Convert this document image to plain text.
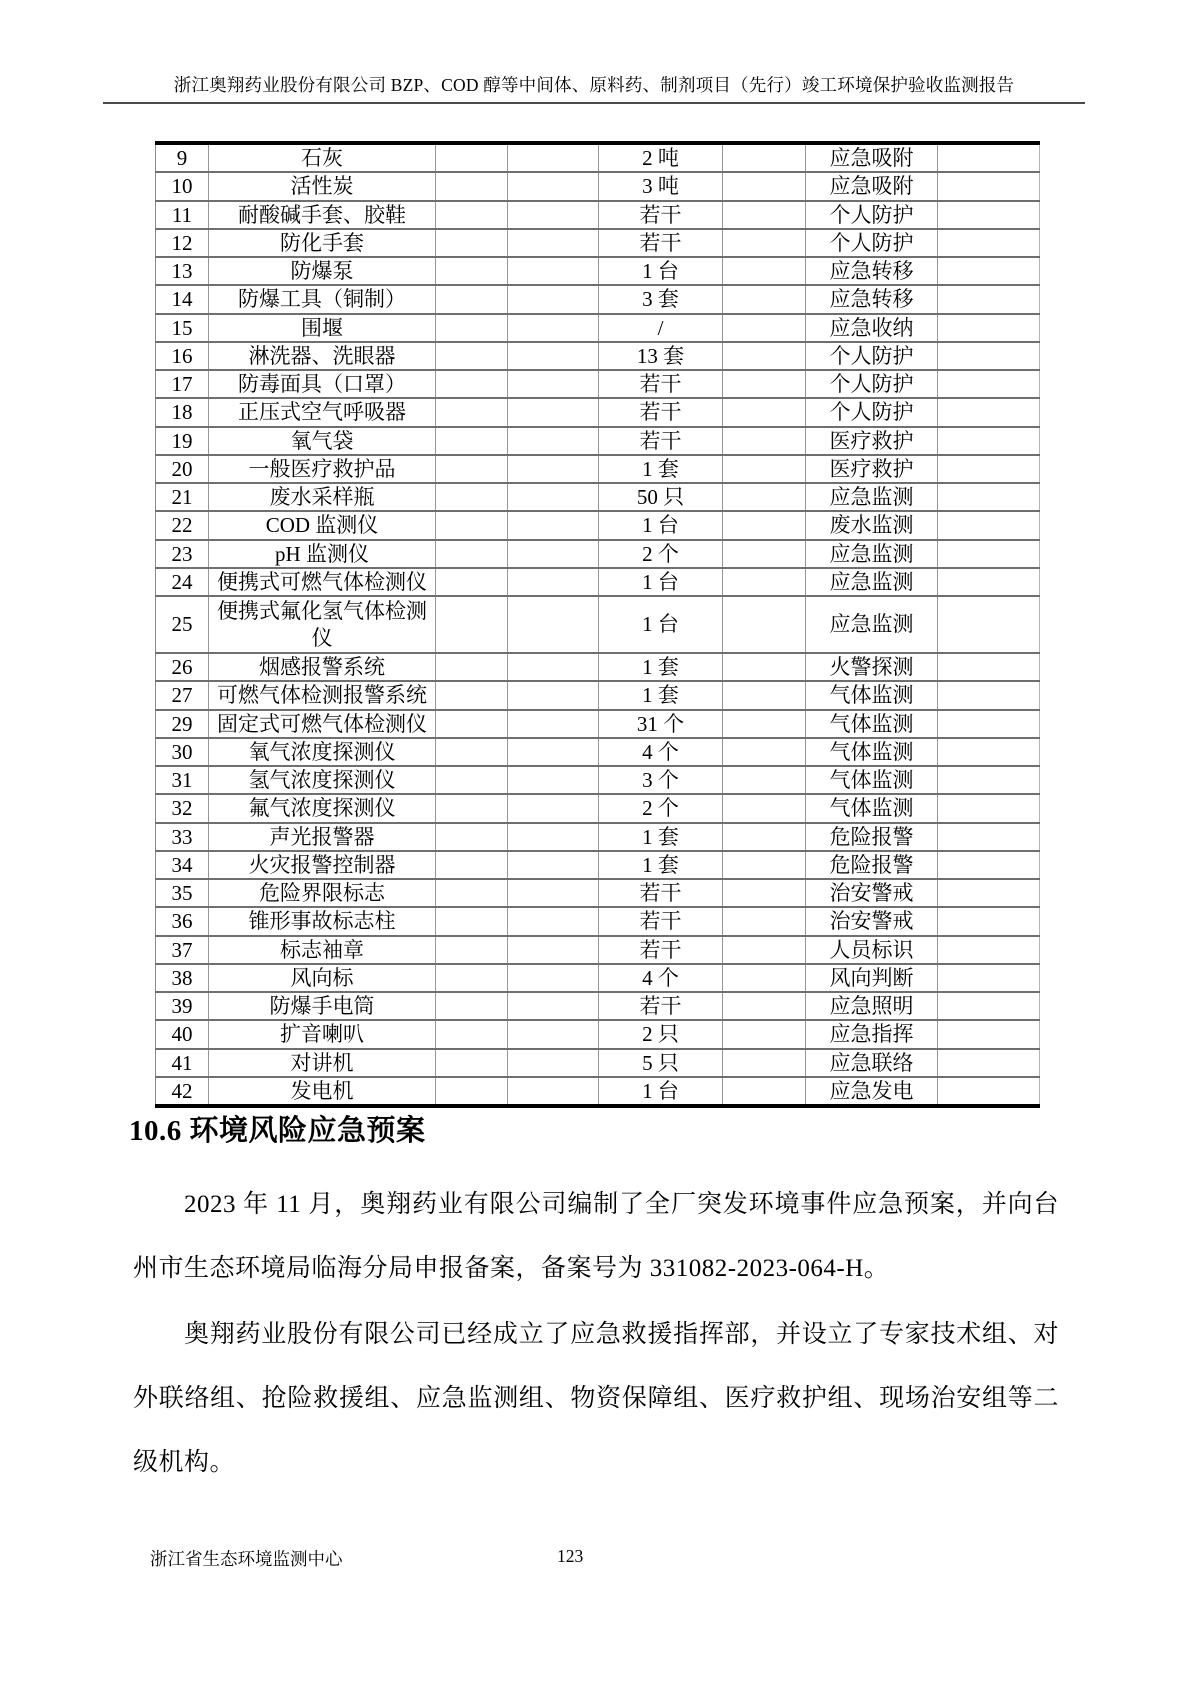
浙江奥翔药业股份有限公司 BZP、COD 醇等中间体、原料药、制剂项目（先行）竣工环境保护验收监测报告
9	石灰			2 吨		应急吸附	
10	活性炭			3 吨		应急吸附	
11	耐酸碱手套、胶鞋			若干		个人防护	
12	防化手套			若干		个人防护	
13	防爆泵			1 台		应急转移	
14	防爆工具（铜制）			3 套		应急转移	
15	围堰			/		应急收纳	
16	淋洗器、洗眼器			13 套		个人防护	
17	防毒面具（口罩）			若干		个人防护	
18	正压式空气呼吸器			若干		个人防护	
19	氧气袋			若干		医疗救护	
20	一般医疗救护品			1 套		医疗救护	
21	废水采样瓶			50 只		应急监测	
22	COD 监测仪			1 台		废水监测	
23	pH 监测仪			2 个		应急监测	
24	便携式可燃气体检测仪			1 台		应急监测	
25	便携式氟化氢气体检测仪			1 台		应急监测	
26	烟感报警系统			1 套		火警探测	
27	可燃气体检测报警系统			1 套		气体监测	
29	固定式可燃气体检测仪			31 个		气体监测	
30	氧气浓度探测仪			4 个		气体监测	
31	氢气浓度探测仪			3 个		气体监测	
32	氟气浓度探测仪			2 个		气体监测	
33	声光报警器			1 套		危险报警	
34	火灾报警控制器			1 套		危险报警	
35	危险界限标志			若干		治安警戒	
36	锥形事故标志柱			若干		治安警戒	
37	标志袖章			若干		人员标识	
38	风向标			4 个		风向判断	
39	防爆手电筒			若干		应急照明	
40	扩音喇叭			2 只		应急指挥	
41	对讲机			5 只		应急联络	
42	发电机			1 台		应急发电	
10.6 环境风险应急预案

2023 年 11 月，奥翔药业有限公司编制了全厂突发环境事件应急预案，并向台州市生态环境局临海分局申报备案，备案号为 331082-2023-064-H。

奥翔药业股份有限公司已经成立了应急救援指挥部，并设立了专家技术组、对外联络组、抢险救援组、应急监测组、物资保障组、医疗救护组、现场治安组等二级机构。

浙江省生态环境监测中心	123
